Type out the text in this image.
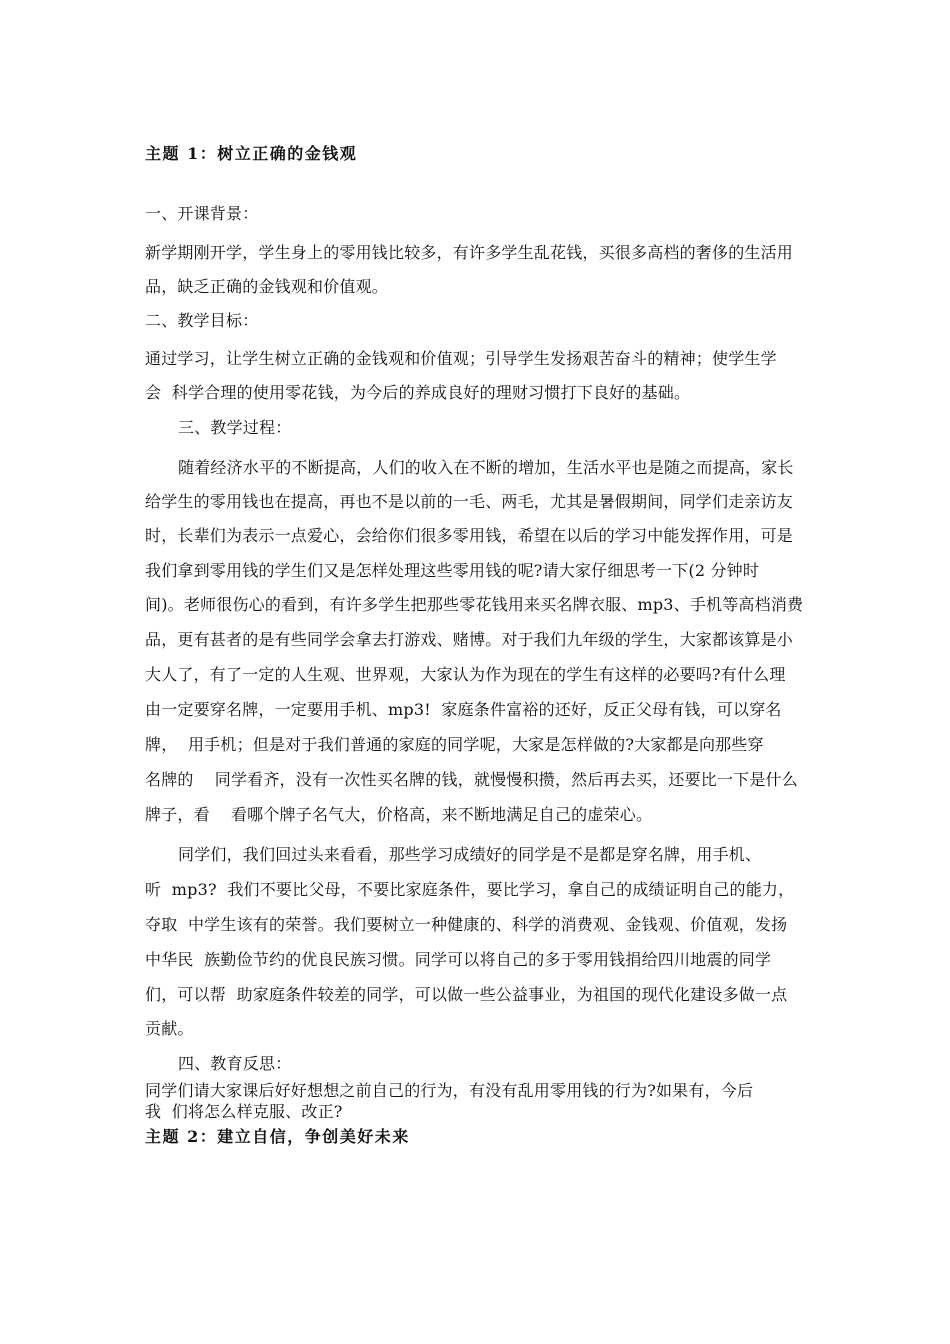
主题 1：树立正确的金钱观
一、开课背景：
新学期刚开学，学生身上的零用钱比较多，有许多学生乱花钱，买很多高档的奢侈的生活用
品，缺乏正确的金钱观和价值观。
二、教学目标：
通过学习，让学生树立正确的金钱观和价值观；引导学生发扬艰苦奋斗的精神；使学生学
会  科学合理的使用零花钱，为今后的养成良好的理财习惯打下良好的基础。
三、教学过程：
随着经济水平的不断提高，人们的收入在不断的增加，生活水平也是随之而提高，家长
给学生的零用钱也在提高，再也不是以前的一毛、两毛，尤其是暑假期间，同学们走亲访友
时，长辈们为表示一点爱心，会给你们很多零用钱，希望在以后的学习中能发挥作用，可是
我们拿到零用钱的学生们又是怎样处理这些零用钱的呢?请大家仔细思考一下(2 分钟时
间)。老师很伤心的看到，有许多学生把那些零花钱用来买名牌衣服、mp3、手机等高档消费
品，更有甚者的是有些同学会拿去打游戏、赌博。对于我们九年级的学生，大家都该算是小
大人了，有了一定的人生观、世界观，大家认为作为现在的学生有这样的必要吗?有什么理
由一定要穿名牌，一定要用手机、mp3!  家庭条件富裕的还好，反正父母有钱，可以穿名
牌，  用手机；但是对于我们普通的家庭的同学呢，大家是怎样做的?大家都是向那些穿
名牌的    同学看齐，没有一次性买名牌的钱，就慢慢积攒，然后再去买，还要比一下是什么
牌子，看    看哪个牌子名气大，价格高，来不断地满足自己的虚荣心。
同学们，我们回过头来看看，那些学习成绩好的同学是不是都是穿名牌，用手机、
听  mp3?  我们不要比父母，不要比家庭条件，要比学习，拿自己的成绩证明自己的能力，
夺取  中学生该有的荣誉。我们要树立一种健康的、科学的消费观、金钱观、价值观，发扬
中华民  族勤俭节约的优良民族习惯。同学可以将自己的多于零用钱捐给四川地震的同学
们，可以帮  助家庭条件较差的同学，可以做一些公益事业，为祖国的现代化建设多做一点
贡献。
四、教育反思：
同学们请大家课后好好想想之前自己的行为，有没有乱用零用钱的行为?如果有，今后
我  们将怎么样克服、改正?
主题 2：建立自信，争创美好未来
